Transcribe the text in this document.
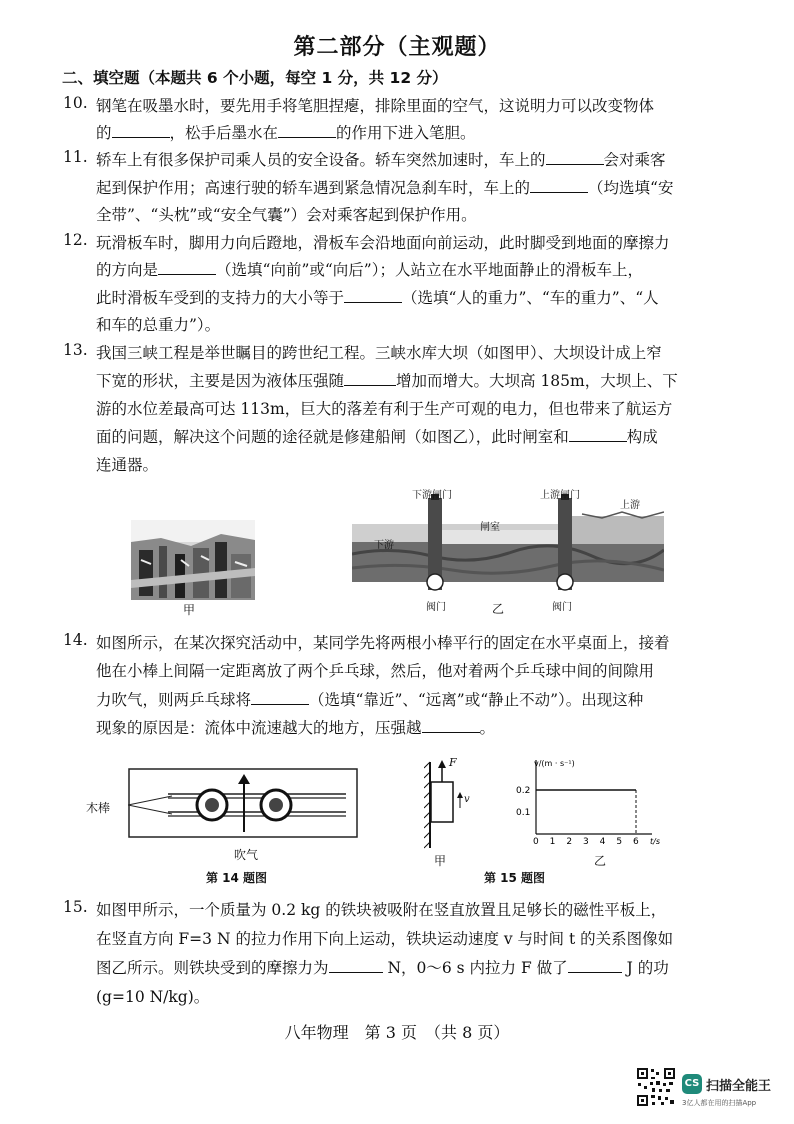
第二部分（主观题）
二、填空题（本题共 6 个小题，每空 1 分，共 12 分）
10. 钢笔在吸墨水时，要先用手将笔胆捏瘪，排除里面的空气，这说明力可以改变物体
的	，松手后墨水在	的作用下进入笔胆。
11. 轿车上有很多保护司乘人员的安全设备。轿车突然加速时，车上的	会对乘客
起到保护作用；高速行驶的轿车遇到紧急情况急刹车时，车上的	（均选填“安
全带”、“头枕”或“安全气囊”）会对乘客起到保护作用。
12. 玩滑板车时，脚用力向后蹬地，滑板车会沿地面向前运动，此时脚受到地面的摩擦力
的方向是	（选填“向前”或“向后”）；人站立在水平地面静止的滑板车上，
此时滑板车受到的支持力的大小等于	（选填“人的重力”、“车的重力”、“人
和车的总重力”）。
13. 我国三峡工程是举世瞩目的跨世纪工程。三峡水库大坝（如图甲）、大坝设计成上窄
下宽的形状，主要是因为液体压强随	增加而增大。大坝高 185m，大坝上、下
游的水位差最高可达 113m，巨大的落差有利于生产可观的电力，但也带来了航运方
面的问题，解决这个问题的途径就是修建船闸（如图乙），此时闸室和	构成
连通器。
甲
下游闸门	上游闸门
上游
下游
闸室
阀门	阀门
乙
14. 如图所示，在某次探究活动中，某同学先将两根小棒平行的固定在水平桌面上，接着
他在小棒上间隔一定距离放了两个乒乓球，然后，他对着两个乒乓球中间的间隙用
力吹气，则两乒乓球将	（选填“靠近”、“远离”或“静止不动”）。出现这种
现象的原因是：流体中流速越大的地方，压强越	。
木棒
吹气
第 14 题图
F
v
甲
v/(m · s⁻¹)
t/s
0 1 2 3 4 5 6
0.1
0.2
乙
第 15 题图
15. 如图甲所示，一个质量为 0.2 kg 的铁块被吸附在竖直放置且足够长的磁性平板上，
在竖直方向 F=3 N 的拉力作用下向上运动，铁块运动速度 v 与时间 t 的关系图像如
图乙所示。则铁块受到的摩擦力为	N，0～6 s 内拉力 F 做了	J 的功
(g=10 N/kg)。
八年物理　第 3 页　（共 8 页）
CS 扫描全能王
3亿人都在用的扫描App
